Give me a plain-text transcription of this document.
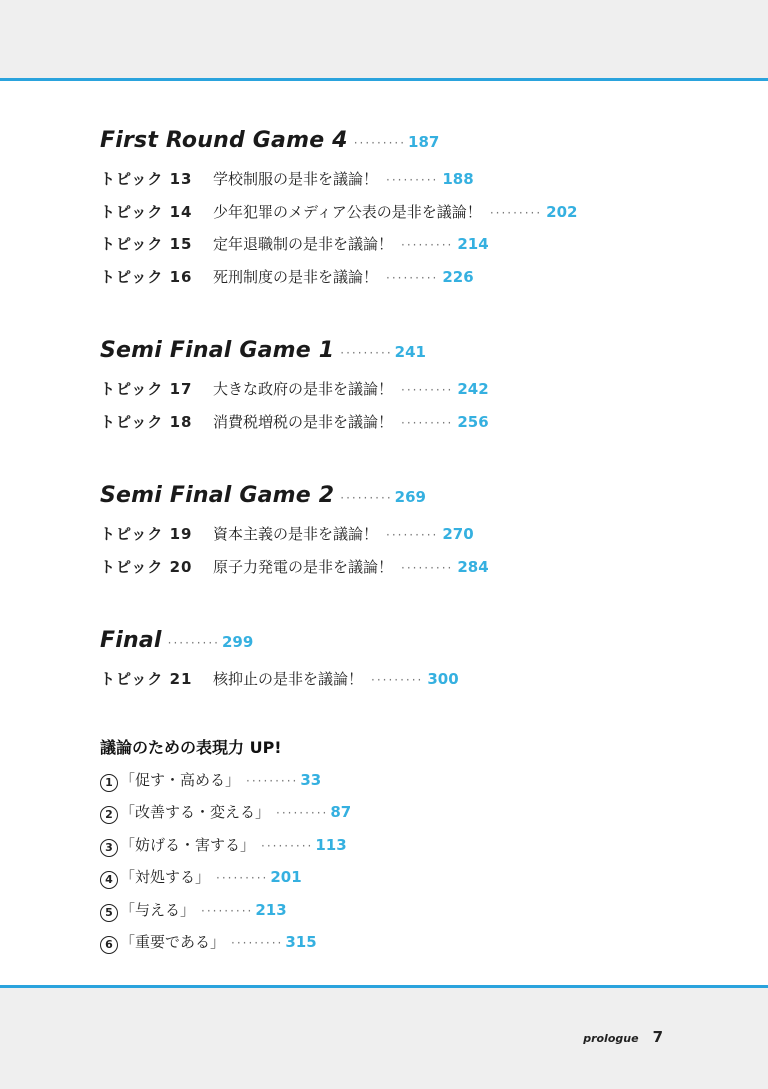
First Round Game 4 ········· 187
トピック 13	学校制服の是非を議論！ ········· 188
トピック 14	少年犯罪のメディア公表の是非を議論！ ········· 202
トピック 15	定年退職制の是非を議論！ ········· 214
トピック 16	死刑制度の是非を議論！ ········· 226
Semi Final Game 1 ········· 241
トピック 17	大きな政府の是非を議論！ ········· 242
トピック 18	消費税増税の是非を議論！ ········· 256
Semi Final Game 2 ········· 269
トピック 19	資本主義の是非を議論！ ········· 270
トピック 20	原子力発電の是非を議論！ ········· 284
Final ········· 299
トピック 21	核抑止の是非を議論！ ········· 300
議論のための表現力 UP!
1 「促す・高める」 ········· 33
2 「改善する・変える」 ········· 87
3 「妨げる・害する」 ········· 113
4 「対処する」 ········· 201
5 「与える」 ········· 213
6 「重要である」 ········· 315
prologue 7
